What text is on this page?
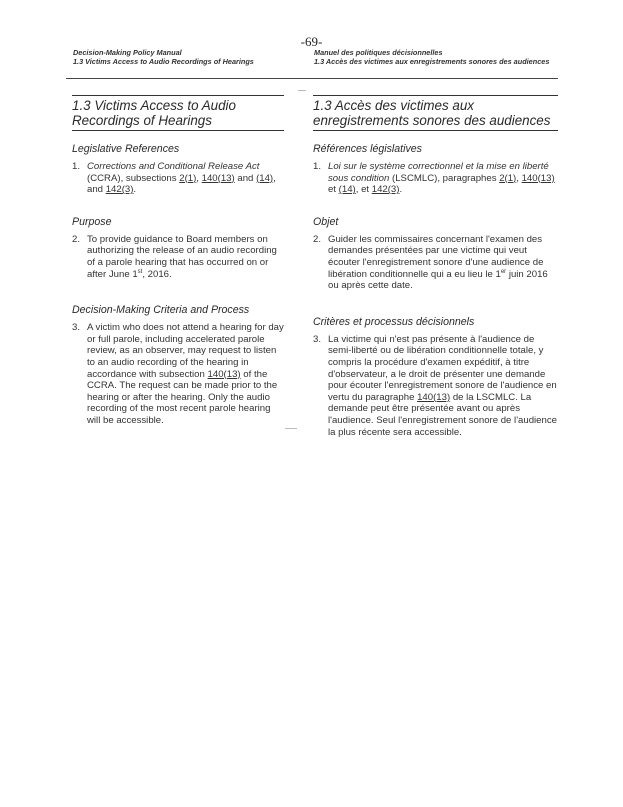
-69-
Decision-Making Policy Manual
1.3 Victims Access to Audio Recordings of Hearings
Manuel des politiques décisionnelles
1.3 Accès des victimes aux enregistrements sonores des audiences
1.3 Victims Access to Audio
Recordings of Hearings
Legislative References
1. Corrections and Conditional Release Act (CCRA), subsections 2(1), 140(13) and (14), and 142(3).
Purpose
2. To provide guidance to Board members on authorizing the release of an audio recording of a parole hearing that has occurred on or after June 1st, 2016.
Decision-Making Criteria and Process
3. A victim who does not attend a hearing for day or full parole, including accelerated parole review, as an observer, may request to listen to an audio recording of the hearing in accordance with subsection 140(13) of the CCRA. The request can be made prior to the hearing or after the hearing. Only the audio recording of the most recent parole hearing will be accessible.
1.3 Accès des victimes aux
enregistrements sonores des audiences
Références législatives
1. Loi sur le système correctionnel et la mise en liberté sous condition (LSCMLC), paragraphes 2(1), 140(13) et (14), et 142(3).
Objet
2. Guider les commissaires concernant l'examen des demandes présentées par une victime qui veut écouter l'enregistrement sonore d'une audience de libération conditionnelle qui a eu lieu le 1er juin 2016 ou après cette date.
Critères et processus décisionnels
3. La victime qui n'est pas présente à l'audience de semi-liberté ou de libération conditionnelle totale, y compris la procédure d'examen expéditif, à titre d'observateur, a le droit de présenter une demande pour écouter l'enregistrement sonore de l'audience en vertu du paragraphe 140(13) de la LSCMLC. La demande peut être présentée avant ou après l'audience. Seul l'enregistrement sonore de l'audience la plus récente sera accessible.
